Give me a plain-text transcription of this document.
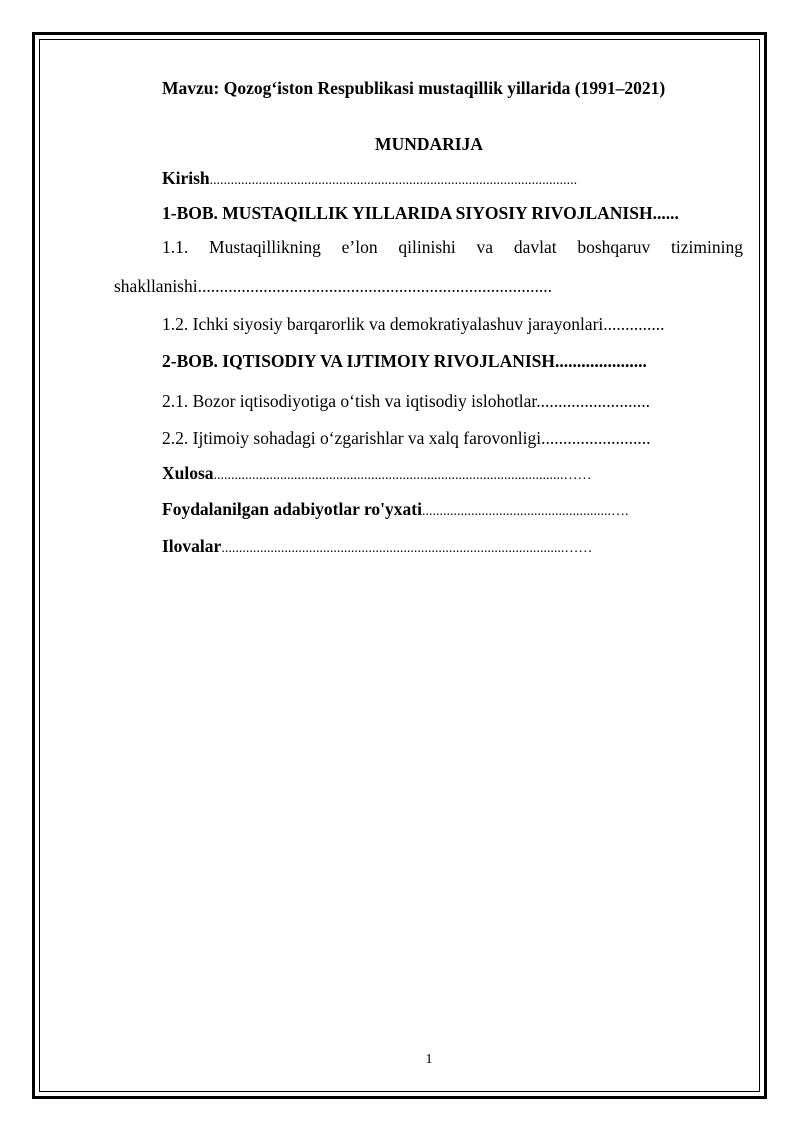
Mavzu: Qozog‘iston Respublikasi mustaqillik yillarida (1991–2021)
MUNDARIJA
Kirish.........................................................................................................
1-BOB. MUSTAQILLIK YILLARIDA SIYOSIY RIVOJLANISH......
1.1. Mustaqillikning e’lon qilinishi va davlat boshqaruv tizimining
shakllanishi.................................................................................
1.2. Ichki siyosiy barqarorlik va demokratiyalashuv jarayonlari..............
2-BOB. IQTISODIY VA IJTIMOIY RIVOJLANISH.....................
2.1. Bozor iqtisodiyotiga o‘tish va iqtisodiy islohotlar..........................
2.2. Ijtimoiy sohadagi o‘zgarishlar va xalq farovonligi.........................
Xulosa....................................................................................................……
Foydalanilgan adabiyotlar ro'yxati......................................................….
Ilovalar..................................................................................................……
1
